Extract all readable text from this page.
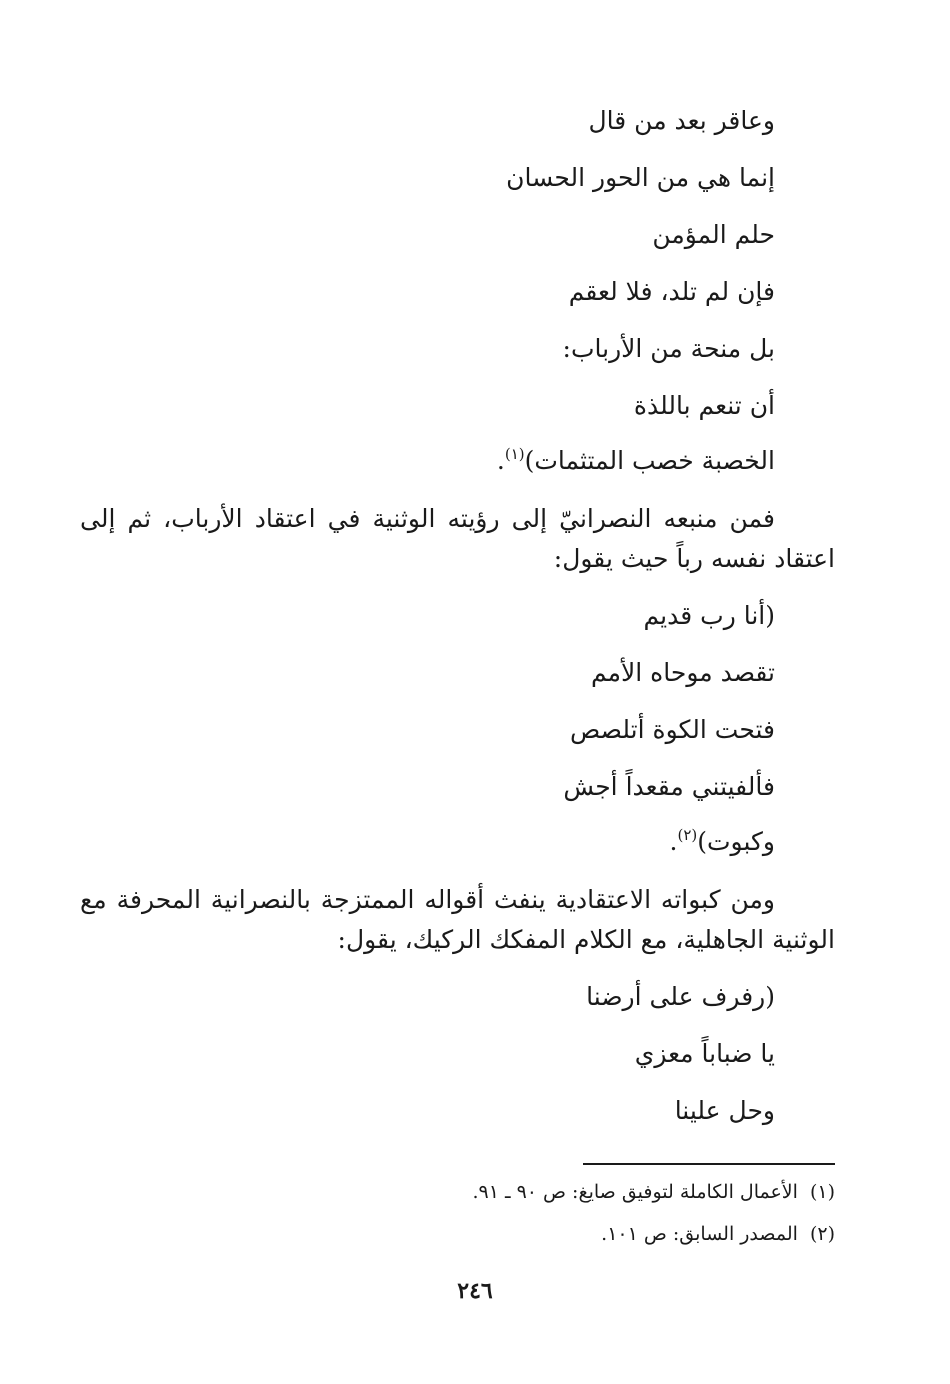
وعاقر بعد من قال
إنما هي من الحور الحسان
حلم المؤمن
فإن لم تلد، فلا لعقم
بل منحة من الأرباب:
أن تنعم باللذة
الخصبة خصب المتثمات)$^{(١)}$.
فمن منبعه النصرانيّ إلى رؤيته الوثنية في اعتقاد الأرباب، ثم إلى
اعتقاد نفسه رباً حيث يقول:
(أنا رب قديم
تقصد موحاه الأمم
فتحت الكوة أتلصص
فألفيتني مقعداً أجش
وكبوت)$^{(٢)}$.
ومن كبواته الاعتقادية ينفث أقواله الممتزجة بالنصرانية المحرفة مع
الوثنية الجاهلية، مع الكلام المفكك الركيك، يقول:
(رفرف على أرضنا
يا ضباباً معزي
وحل علينا
(١)الأعمال الكاملة لتوفيق صايغ: ص ٩٠ ـ ٩١.
(٢)المصدر السابق: ص ١٠١.
٢٤٦
